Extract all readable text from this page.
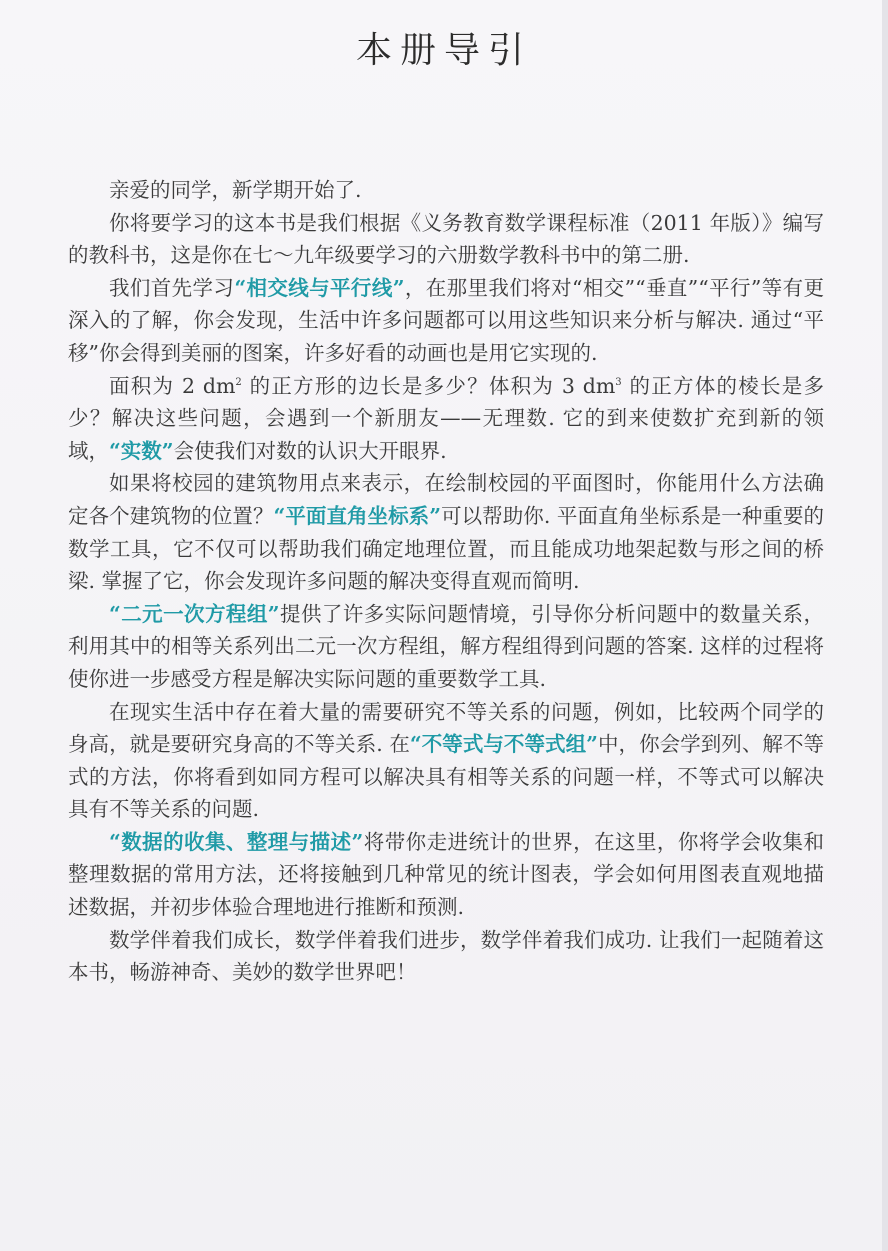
本册导引

亲爱的同学，新学期开始了.

你将要学习的这本书是我们根据《义务教育数学课程标准（2011 年版）》编写的教科书，这是你在七～九年级要学习的六册数学教科书中的第二册.

我们首先学习“相交线与平行线”，在那里我们将对“相交”“垂直”“平行”等有更深入的了解，你会发现，生活中许多问题都可以用这些知识来分析与解决. 通过“平移”你会得到美丽的图案，许多好看的动画也是用它实现的.

面积为 2 $dm^2$ 的正方形的边长是多少？体积为 3 $dm^3$ 的正方体的棱长是多少？解决这些问题，会遇到一个新朋友——无理数. 它的到来使数扩充到新的领域，“实数”会使我们对数的认识大开眼界.

如果将校园的建筑物用点来表示，在绘制校园的平面图时，你能用什么方法确定各个建筑物的位置？“平面直角坐标系”可以帮助你. 平面直角坐标系是一种重要的数学工具，它不仅可以帮助我们确定地理位置，而且能成功地架起数与形之间的桥梁. 掌握了它，你会发现许多问题的解决变得直观而简明.

“二元一次方程组”提供了许多实际问题情境，引导你分析问题中的数量关系，利用其中的相等关系列出二元一次方程组，解方程组得到问题的答案. 这样的过程将使你进一步感受方程是解决实际问题的重要数学工具.

在现实生活中存在着大量的需要研究不等关系的问题，例如，比较两个同学的身高，就是要研究身高的不等关系. 在“不等式与不等式组”中，你会学到列、解不等式的方法，你将看到如同方程可以解决具有相等关系的问题一样，不等式可以解决具有不等关系的问题.

“数据的收集、整理与描述”将带你走进统计的世界，在这里，你将学会收集和整理数据的常用方法，还将接触到几种常见的统计图表，学会如何用图表直观地描述数据，并初步体验合理地进行推断和预测.

数学伴着我们成长，数学伴着我们进步，数学伴着我们成功. 让我们一起随着这本书，畅游神奇、美妙的数学世界吧！
